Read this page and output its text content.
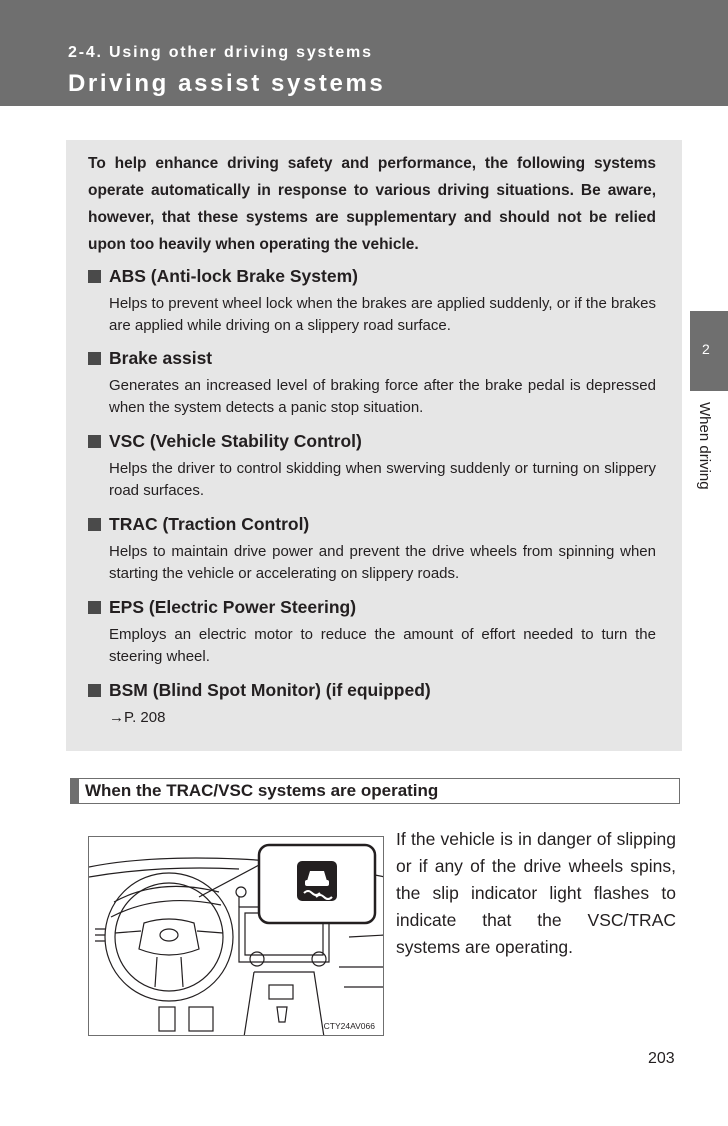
2-4. Using other driving systems

Driving assist systems

To help enhance driving safety and performance, the following systems operate automatically in response to various driving situations. Be aware, however, that these systems are supplementary and should not be relied upon too heavily when operating the vehicle.

ABS (Anti-lock Brake System)

Helps to prevent wheel lock when the brakes are applied suddenly, or if the brakes are applied while driving on a slippery road surface.

Brake assist

Generates an increased level of braking force after the brake pedal is depressed when the system detects a panic stop situation.

VSC (Vehicle Stability Control)

Helps the driver to control skidding when swerving suddenly or turning on slippery road surfaces.

TRAC (Traction Control)

Helps to maintain drive power and prevent the drive wheels from spinning when starting the vehicle or accelerating on slippery roads.

EPS (Electric Power Steering)

Employs an electric motor to reduce the amount of effort needed to turn the steering wheel.

BSM (Blind Spot Monitor) (if equipped)

→P. 208

2
When driving
When the TRAC/VSC systems are operating
CTY24AV066

If the vehicle is in danger of slipping or if any of the drive wheels spins, the slip indicator light flashes to indicate that the VSC/TRAC systems are operating.

203
